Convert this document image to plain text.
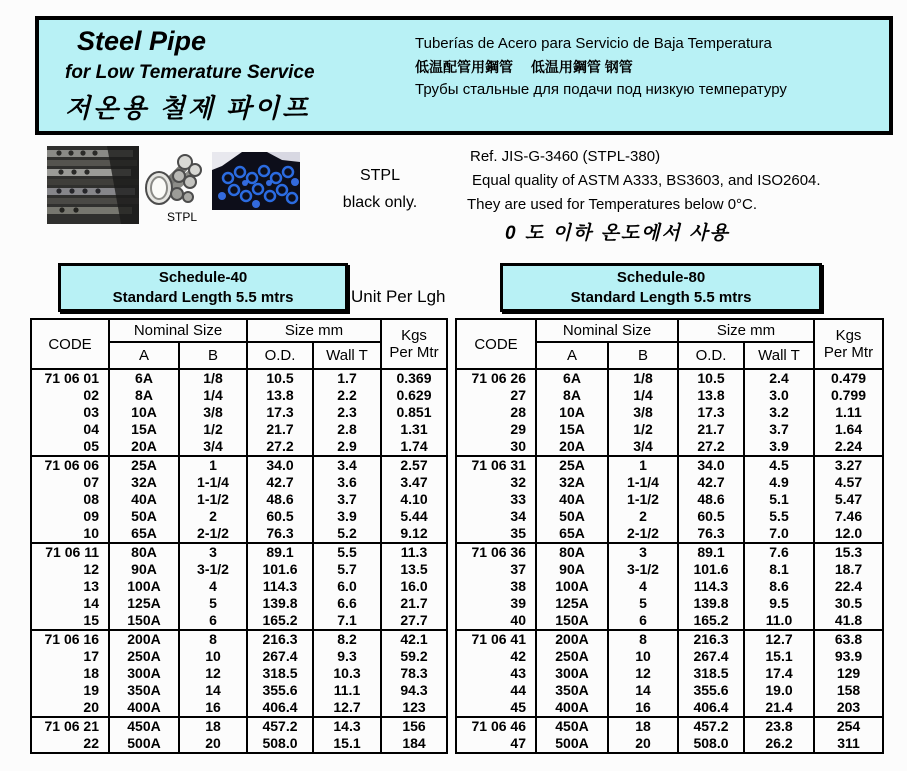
Steel Pipe
for Low Temerature Service
저온용 철제 파이프
Tuberías de Acero para Servicio de Baja Temperatura
低温配管用鋼管　 低温用鋼管 钢管
Трубы стальные для подачи под низкую температуру
STPL
STPL
black only.
Ref. JIS-G-3460 (STPL-380)
Equal quality of ASTM A333, BS3603, and ISO2604.
They are used for Temperatures below 0°C.
0 도 이하 온도에서 사용
Schedule-40
Standard Length 5.5 mtrs	Unit Per Lgh
Schedule-80
Standard Length 5.5 mtrs
CODE	Nominal Size		Size mm		Kgs
Per Mtr
	A	B	O.D.	Wall T	
71 06 01	6A	1/8	10.5	1.7	0.369
02	8A	1/4	13.8	2.2	0.629
03	10A	3/8	17.3	2.3	0.851
04	15A	1/2	21.7	2.8	1.31
05	20A	3/4	27.2	2.9	1.74
71 06 06	25A	1	34.0	3.4	2.57
07	32A	1-1/4	42.7	3.6	3.47
08	40A	1-1/2	48.6	3.7	4.10
09	50A	2	60.5	3.9	5.44
10	65A	2-1/2	76.3	5.2	9.12
71 06 11	80A	3	89.1	5.5	11.3
12	90A	3-1/2	101.6	5.7	13.5
13	100A	4	114.3	6.0	16.0
14	125A	5	139.8	6.6	21.7
15	150A	6	165.2	7.1	27.7
71 06 16	200A	8	216.3	8.2	42.1
17	250A	10	267.4	9.3	59.2
18	300A	12	318.5	10.3	78.3
19	350A	14	355.6	11.1	94.3
20	400A	16	406.4	12.7	123
71 06 21	450A	18	457.2	14.3	156
22	500A	20	508.0	15.1	184
CODE	Nominal Size		Size mm		Kgs
Per Mtr
	A	B	O.D.	Wall T	
71 06 26	6A	1/8	10.5	2.4	0.479
27	8A	1/4	13.8	3.0	0.799
28	10A	3/8	17.3	3.2	1.11
29	15A	1/2	21.7	3.7	1.64
30	20A	3/4	27.2	3.9	2.24
71 06 31	25A	1	34.0	4.5	3.27
32	32A	1-1/4	42.7	4.9	4.57
33	40A	1-1/2	48.6	5.1	5.47
34	50A	2	60.5	5.5	7.46
35	65A	2-1/2	76.3	7.0	12.0
71 06 36	80A	3	89.1	7.6	15.3
37	90A	3-1/2	101.6	8.1	18.7
38	100A	4	114.3	8.6	22.4
39	125A	5	139.8	9.5	30.5
40	150A	6	165.2	11.0	41.8
71 06 41	200A	8	216.3	12.7	63.8
42	250A	10	267.4	15.1	93.9
43	300A	12	318.5	17.4	129
44	350A	14	355.6	19.0	158
45	400A	16	406.4	21.4	203
71 06 46	450A	18	457.2	23.8	254
47	500A	20	508.0	26.2	311
